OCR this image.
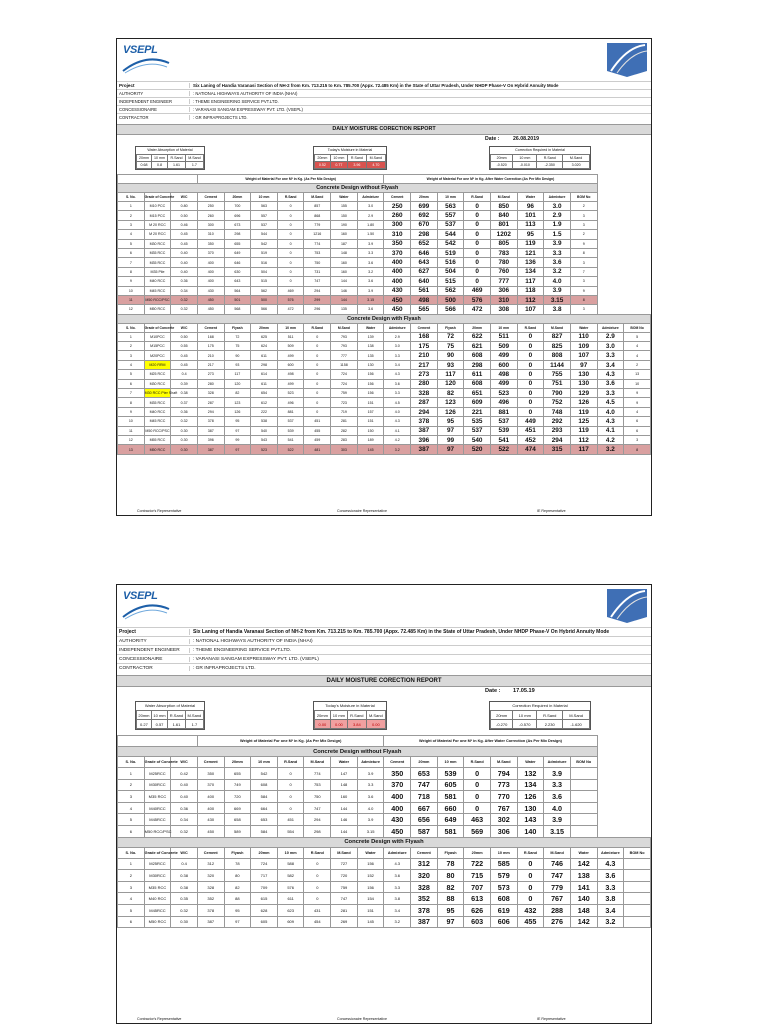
VSEPL
Project	Six Laning of Handia Varanasi Section of NH-2 from Km. 713.215 to Km. 785.700 (Appx. 72.485 Km) in the State of Uttar Pradesh, Under NHDP Phase-V On Hybrid Annuity Mode
AUTHORITY	: NATIONAL HIGHWAYS AUTHORITY OF INDIA (NHAI)
INDEPENDENT ENGINEER	: THEME ENGINEERING SERVICE PVT.LTD.
CONCESSIONAIRE	: VARANASI SANGAM EXPRESSWAY PVT. LTD. (VSEPL)
CONTRACTOR	: GR INFRAPROJECTS LTD.
DAILY MOISTURE CORECTION REPORT
Date :	26.08.2019
Water Absorption of Material
20mm	10 mm	R.Sand	M.Sand
0.68	0.8	1.61	1.7
Today's Moisture in Material
20mm	10 mm	R.Sand	M.Sand
0.52	0.77	3.96	4.70
Correction Required in Material
20mm	10 mm	R.Sand	M.Sand
-0.520	-0.010	-2.350	3.020
			Weight of Material For one M³ in Kg. (As Per Mix Design)							Weight of Material For one M³ in Kg. After Water Correction (As Per Mix Design)									
Concrete Design without Flyash																			
S. No.	Grade of Concrete	W/C	Cement	20mm	10 mm	R.Sand	M.Sand	Water	Admixture	Cement	20mm	10 mm	R.Sand	M.Sand	Water	Admixture	BOM No		
1	M10 PCC	0.80	250	700	563	0	857	155	3.0	250	699	563	0	850	96	3.0	2		
2	M15 PCC	0.50	260	696	557	0	868	150	2.9	260	692	557	0	840	101	2.9	3		
3	M 20 RCC	0.46	300	673	537	0	779	190	1.80	300	670	537	0	801	113	1.9	3		
4	M 20 RCC	0.45	310	298	544	0	1216	160	1.50	310	298	544	0	1202	95	1.5	2		
5	M30 RCC	0.45	350	655	542	0	774	187	3.9	350	652	542	0	805	119	3.9	9		
6	M35 RCC	0.40	370	649	519	0	753	148	3.3	370	646	519	0	783	121	3.3	8		
7	M35 RCC	0.40	400	646	516	0	750	160	3.6	400	643	516	0	780	136	3.6	3		
8	M35 Pile	0.40	400	630	504	0	731	160	3.2	400	627	504	0	760	134	3.2	7		
9	M40 RCC	0.36	400	643	515	0	747	144	3.6	400	640	515	0	777	117	4.0	3		
10	M45 RCC	0.34	430	564	562	469	294	146	3.9	430	561	562	469	306	118	3.9	9		
11	M50 RCC/PSC	0.32	450	501	500	576	299	144	3.15	450	498	500	576	310	112	3.15	8		
12	M50 RCC	0.32	450	568	566	472	296	135	3.6	450	565	566	472	308	107	3.8	3		
Concrete Design with Flyash																			
S. No.	Grade of Concrete	W/C	Cement	Flyash	20mm	10 mm	R.Sand	M.Sand	Water	Admixture	Cement	Flyash	20mm	10 mm	R.Sand	M.Sand	Water	Admixture	BOM No
1	M10PCC	0.50	168	72	625	511	0	793	139	2.9	168	72	622	511	0	827	110	2.9	5
2	M15PCC	0.55	175	75	624	509	0	793	138	3.0	175	75	621	509	0	825	109	3.0	4
3	M20PCC	0.45	210	90	611	499	0	777	135	3.3	210	90	608	499	0	808	107	3.3	4
4	M20 RRM	0.45	217	93	298	600	0	1158	130	3.4	217	93	298	600	0	1144	97	3.4	2
5	M25 RCC	0.4	273	117	614	498	0	724	156	4.3	273	117	611	498	0	755	130	4.3	13
6	M30 RCC	0.39	280	120	611	499	0	724	156	3.6	280	120	608	499	0	751	130	3.6	10
7	M30 RCC Pier Shaft	0.38	328	82	654	523	0	759	156	3.3	328	82	651	523	0	790	129	3.3	9
8	M35 RCC	0.37	287	123	612	496	0	723	151	4.5	287	123	609	496	0	752	126	4.5	9
9	M40 RCC	0.36	294	126	222	881	0	719	157	4.0	294	126	221	881	0	748	119	4.0	4
10	M45 RCC	0.32	378	95	538	537	451	281	151	4.3	378	95	535	537	449	292	125	4.3	6
11	M50 RCC/PSC	0.30	387	97	540	539	455	282	150	4.1	387	97	537	539	451	293	119	4.1	6
12	M55 RCC	0.30	396	99	543	541	459	283	189	4.2	396	99	540	541	452	294	112	4.2	3
13	M50 RCC	0.30	387	97	523	522	481	303	145	3.2	387	97	520	522	474	315	117	3.2	8
Contractor's Representative	Concessionaire Representative	IE Representative
VSEPL
Project	Six Laning of Handia Varanasi Section of NH-2 from Km. 713.215 to Km. 785.700 (Appx. 72.485 Km) in the State of Uttar Pradesh, Under NHDP Phase-V On Hybrid Annuity Mode
AUTHORITY	: NATIONAL HIGHWAYS AUTHORITY OF INDIA (NHAI)
INDEPENDENT ENGINEER	: THEME ENGINEERING SERVICE PVT.LTD.
CONCESSIONAIRE	: VARANASI SANGAM EXPRESSWAY PVT. LTD. (VSEPL)
CONTRACTOR	: GR INFRAPROJECTS LTD.
DAILY MOISTURE CORECTION REPORT
Date : 17.05.19
Water Absorption of Material
20mm	10 mm	R.Sand	M.Sand
0.27	0.57	1.61	1.7
Today's Moisture in Material
20mm	10 mm	R.Sand	M.Sand
0.00	0.00	3.84	0.00
Correction Required in Material
20mm	10 mm	R.Sand	M.Sand
-0.270	-0.570	2.230	-1.620
			Weight of Material For one M³ in Kg. (As Per Mix Design)							Weight of Material For one M³ in Kg. After Water Correction (As Per Mix Design)									
Concrete Design without Flyash																			
S. No.	Grade of Concrete	W/C	Cement	20mm	10 mm	R.Sand	M.Sand	Water	Admixture	Cement	20mm	10 mm	R.Sand	M.Sand	Water	Admixture	BOM No		
1	M25RCC	0.42	350	655	542	0	774	147	3.9	350	653	539	0	794	132	3.9			
2	M30RCC	0.40	370	749	608	0	753	148	3.3	370	747	605	0	773	134	3.3			
3	M35 RCC	0.40	400	720	584	0	750	160	3.6	400	718	581	0	770	126	3.6			
4	M40RCC	0.36	400	669	664	0	747	144	4.0	400	667	660	0	767	130	4.0			
5	M45RCC	0.34	430	658	653	451	294	146	3.9	430	656	649	463	302	143	3.9			
6	M50 RCC/PSC	0.32	450	589	584	554	298	144	3.15	450	587	581	569	306	140	3.15			
Concrete Design with Flyash																			
S. No.	Grade of Concrete	W/C	Cement	Flyash	20mm	10 mm	R.Sand	M.Sand	Water	Admixture	Cement	Flyash	20mm	10 mm	R.Sand	M.Sand	Water	Admixture	BOM No
1	M25RCC	0.4	312	78	724	588	0	727	156	4.3	312	78	722	585	0	746	142	4.3	
2	M30RCC	0.38	320	80	717	582	0	720	152	3.6	320	80	715	579	0	747	138	3.6	
3	M35 RCC	0.38	328	82	709	576	0	759	156	3.3	328	82	707	573	0	779	141	3.3	
4	M40 RCC	0.35	352	88	615	611	0	747	154	3.8	352	88	613	608	0	767	140	3.8	
5	M45RCC	0.32	378	95	628	623	431	281	151	3.4	378	95	626	619	432	288	148	3.4	
6	M50 RCC	0.30	387	97	605	609	454	269	145	3.2	387	97	603	606	455	276	142	3.2	
Contractor's Representative	Concessionaire Representative	IE Representative
